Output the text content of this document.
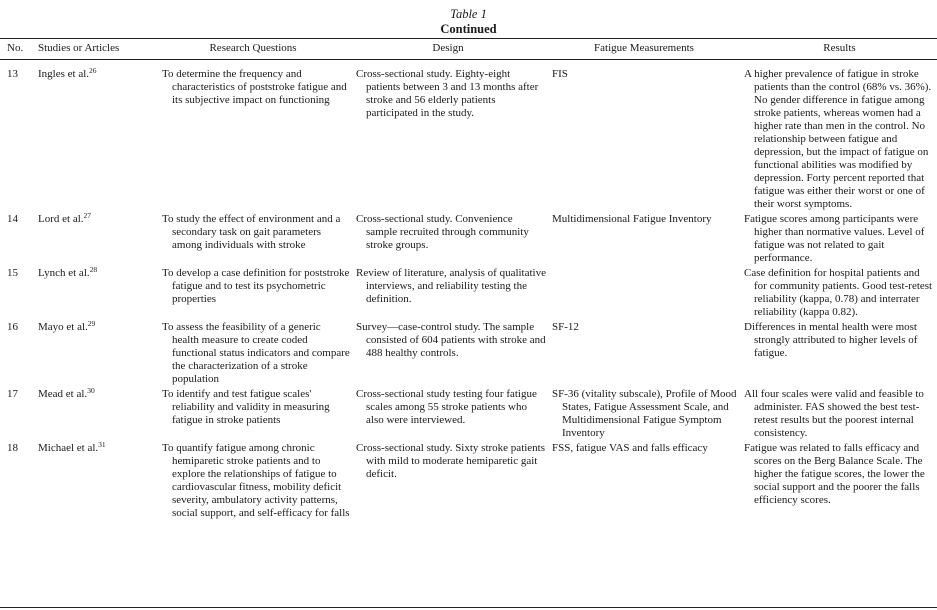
Table 1
Continued
No.	Studies or Articles	Research Questions	Design	Fatigue Measurements	Results
13	Ingles et al.$^{26}$	To determine the frequency and characteristics of poststroke fatigue and its subjective impact on functioning	Cross-sectional study. Eighty-eight patients between 3 and 13 months after stroke and 56 elderly patients participated in the study.	FIS	A higher prevalence of fatigue in stroke patients than the control (68% vs. 36%). No gender difference in fatigue among stroke patients, whereas women had a higher rate than men in the control. No relationship between fatigue and depression, but the impact of fatigue on functional abilities was modified by depression. Forty percent reported that fatigue was either their worst or one of their worst symptoms.

14	Lord et al.$^{27}$	To study the effect of environment and a secondary task on gait parameters among individuals with stroke	Cross-sectional study. Convenience sample recruited through community stroke groups.	Multidimensional Fatigue Inventory	Fatigue scores among participants were higher than normative values. Level of fatigue was not related to gait performance.

15	Lynch et al.$^{28}$	To develop a case definition for poststroke fatigue and to test its psychometric properties	Review of literature, analysis of qualitative interviews, and reliability testing the definition.		Case definition for hospital patients and for community patients. Good test-retest reliability (kappa, 0.78) and interrater reliability (kappa 0.82).

16	Mayo et al.$^{29}$	To assess the feasibility of a generic health measure to create coded functional status indicators and compare the characterization of a stroke population	Survey—case-control study. The sample consisted of 604 patients with stroke and 488 healthy controls.	SF-12	Differences in mental health were most strongly attributed to higher levels of fatigue.

17	Mead et al.$^{30}$	To identify and test fatigue scales' reliability and validity in measuring fatigue in stroke patients	Cross-sectional study testing four fatigue scales among 55 stroke patients who also were interviewed.	SF-36 (vitality subscale), Profile of Mood States, Fatigue Assessment Scale, and Multidimensional Fatigue Symptom Inventory	All four scales were valid and feasible to administer. FAS showed the best test-retest results but the poorest internal consistency.

18	Michael et al.$^{31}$	To quantify fatigue among chronic hemiparetic stroke patients and to explore the relationships of fatigue to cardiovascular fitness, mobility deficit severity, ambulatory activity patterns, social support, and self-efficacy for falls	Cross-sectional study. Sixty stroke patients with mild to moderate hemiparetic gait deficit.	FSS, fatigue VAS and falls efficacy	Fatigue was related to falls efficacy and scores on the Berg Balance Scale. The higher the fatigue scores, the lower the social support and the poorer the falls efficiency scores.
